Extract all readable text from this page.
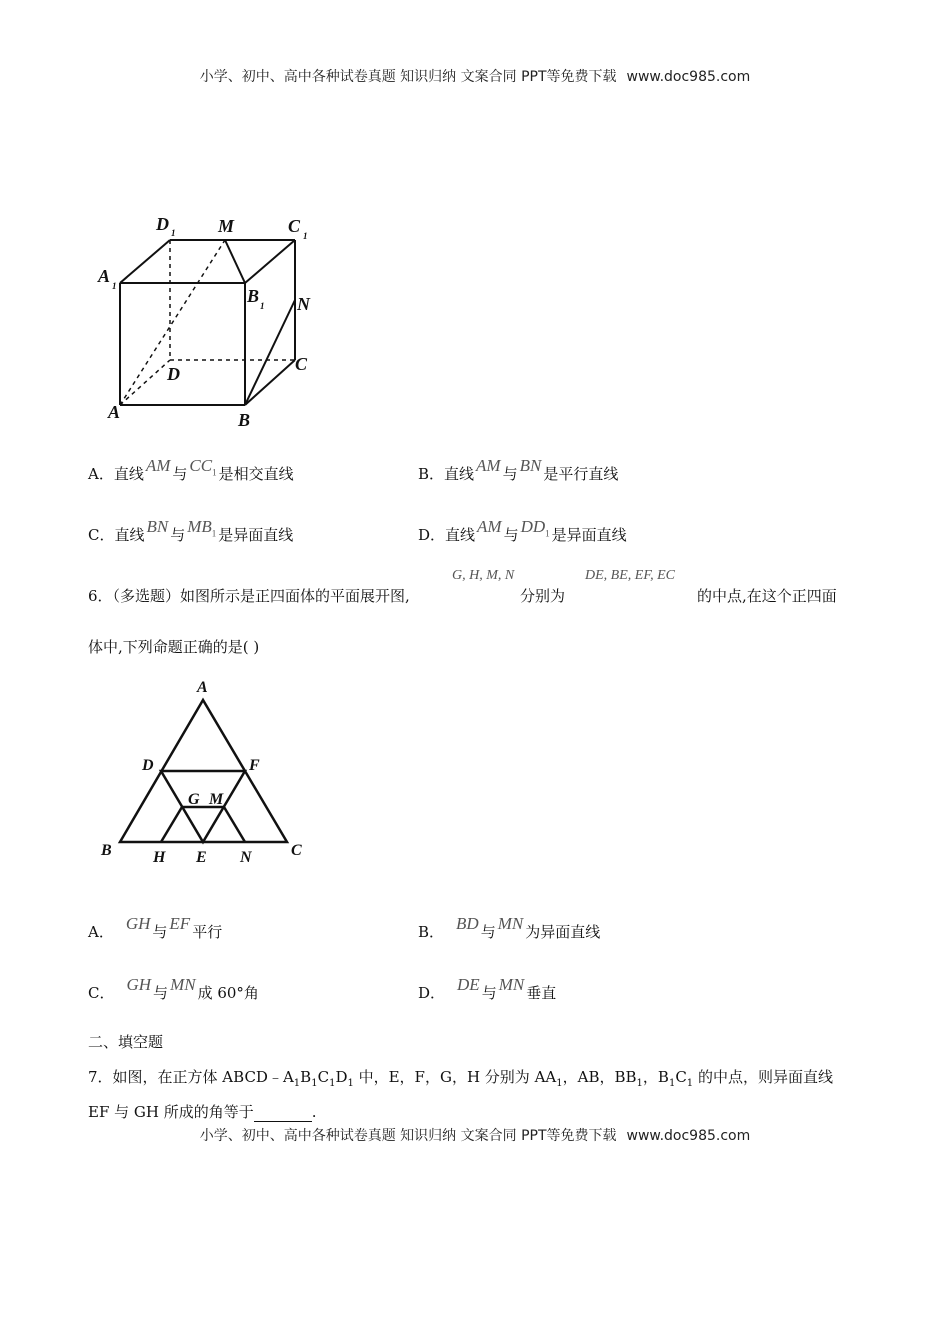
小学、初中、高中各种试卷真题 知识归纳 文案合同 PPT等免费下载 www.doc985.com
D 1 M	C 1
A 1	B 1 N
D	C
A	B
A．直线 AM 与 $CC_1$ 是相交直线	B．直线 AM 与 BN 是平行直线
C．直线 BN 与 $MB_1$ 是异面直线	D．直线 AM 与 $DD_1$ 是异面直线
6．（多选题）如图所示是正四面体的平面展开图,
G, H, M, N
分别为
DE, BE, EF, EC
的中点,在这个正四面
体中,下列命题正确的是( )
A
D	F
G M
B	H E N C
A． GH 与 EF 平行	B． BD 与 MN 为异面直线
C． GH 与 MN 成 60°角	D． DE 与 MN 垂直
二、填空题
7．如图，在正方体 $ABCD﹣A_1B_1C_1D_1$ 中，E，F，G，H 分别为 $AA_1$，AB，$BB_1$，$B_1C_1$ 的中点，则异面直线
EF 与 GH 所成的角等于	.
小学、初中、高中各种试卷真题 知识归纳 文案合同 PPT等免费下载 www.doc985.com
